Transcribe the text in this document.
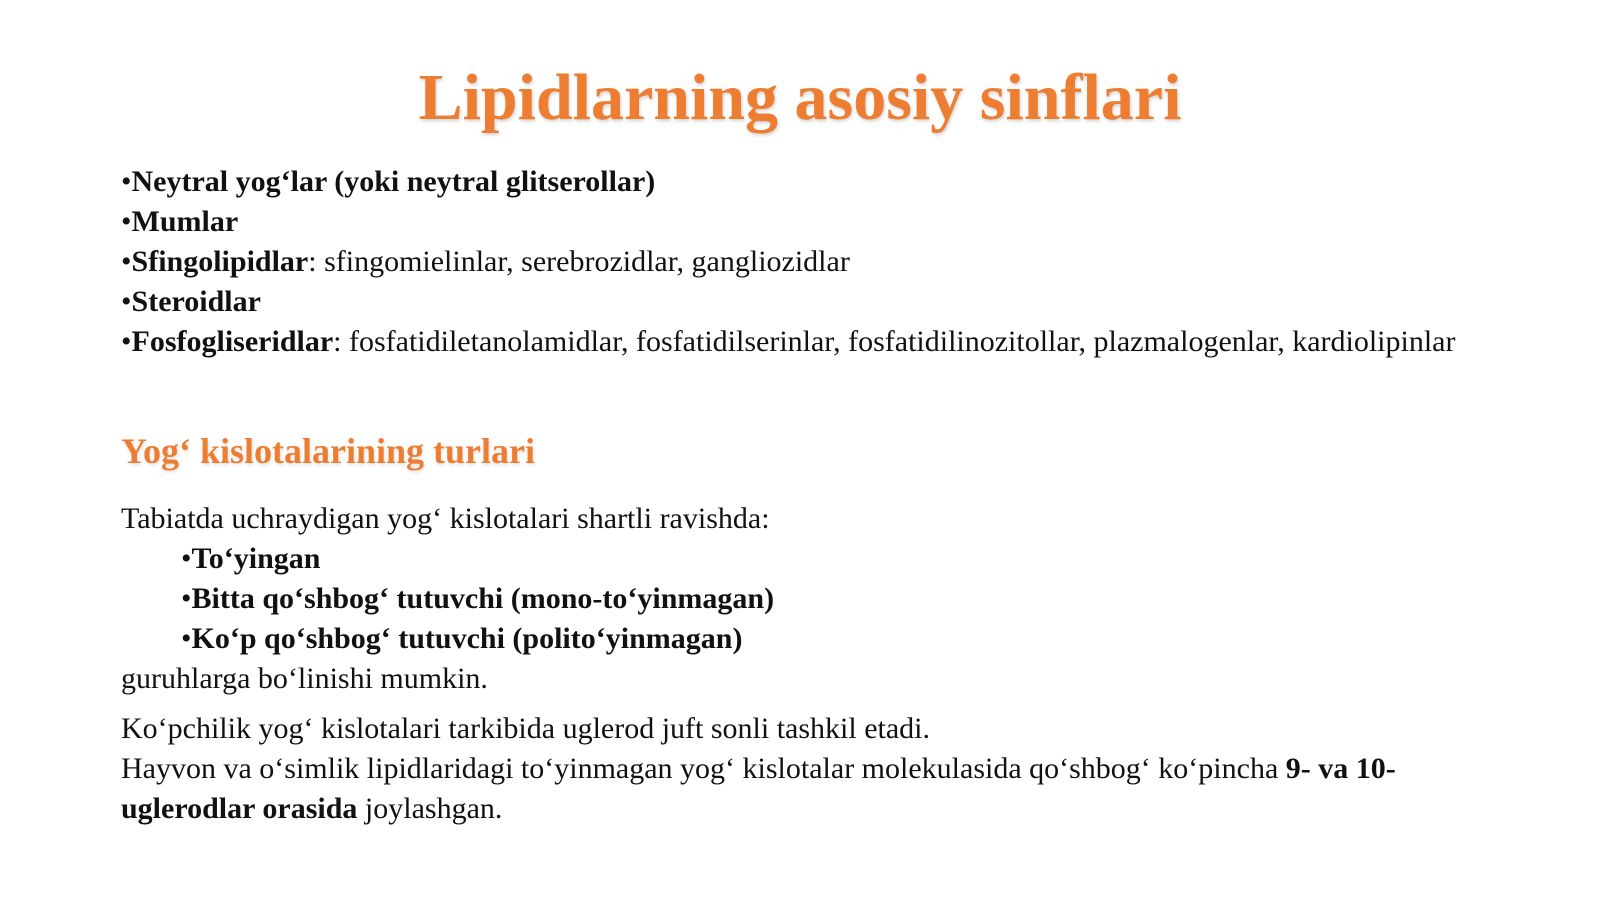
Lipidlarning asosiy sinflari
•Neytral yog‘lar (yoki neytral glitserollar)
•Mumlar
•Sfingolipidlar: sfingomielinlar, serebrozidlar, gangliozidlar
•Steroidlar
•Fosfogliseridlar: fosfatidiletanolamidlar, fosfatidilserinlar, fosfatidilinozitollar, plazmalogenlar, kardiolipinlar
Yog‘ kislotalarining turlari
Tabiatda uchraydigan yog‘ kislotalari shartli ravishda:
•To‘yingan
•Bitta qo‘shbog‘ tutuvchi (mono-to‘yinmagan)
•Ko‘p qo‘shbog‘ tutuvchi (polito‘yinmagan)
guruhlarga bo‘linishi mumkin.
Ko‘pchilik yog‘ kislotalari tarkibida uglerod juft sonli tashkil etadi.
Hayvon va o‘simlik lipidlaridagi to‘yinmagan yog‘ kislotalar molekulasida qo‘shbog‘ ko‘pincha 9- va 10-uglerodlar orasida joylashgan.
